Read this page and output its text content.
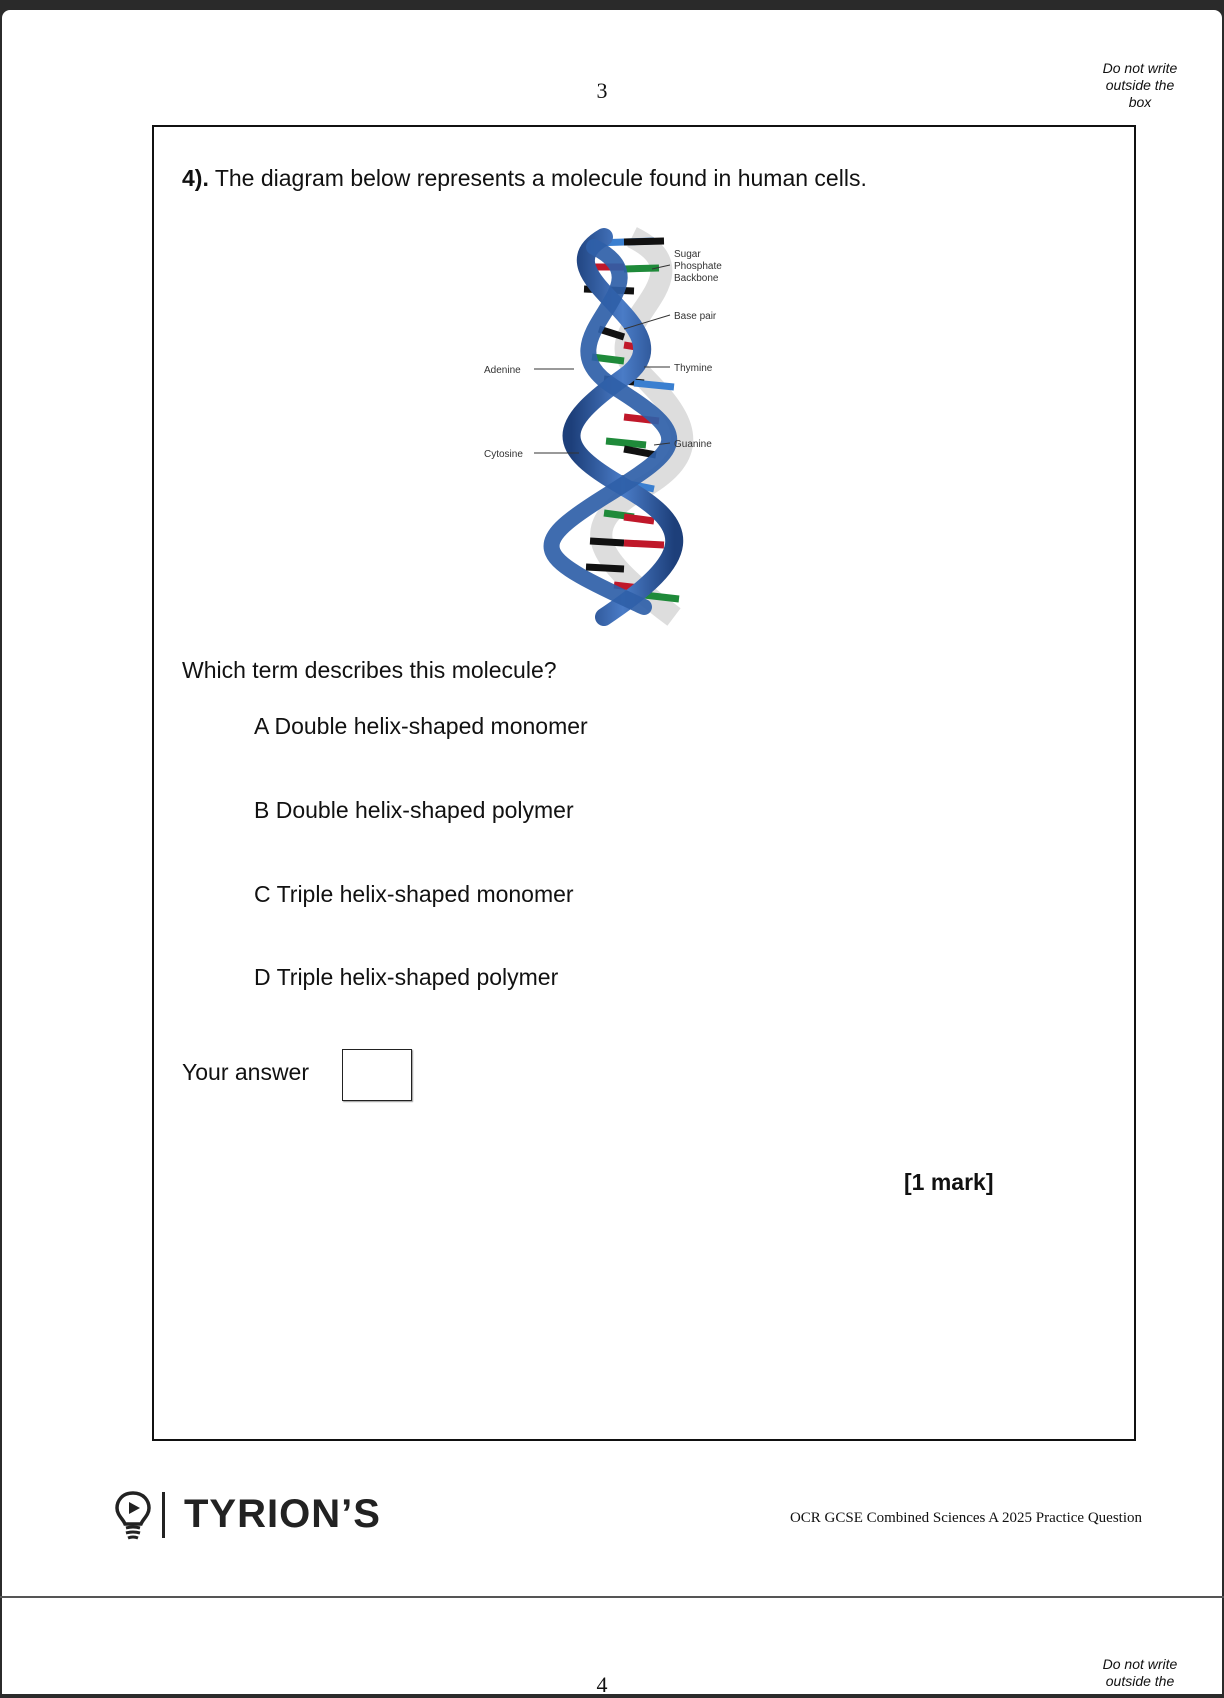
3
Do not write
outside the
box
4). The diagram below represents a molecule found in human cells.
Sugar
Phosphate
Backbone
Base pair
Thymine
Guanine
Adenine
Cytosine
Which term describes this molecule?
A Double helix-shaped monomer
B Double helix-shaped polymer
C Triple helix-shaped monomer
D Triple helix-shaped polymer
Your answer
[1 mark]
TYRION’S	OCR GCSE Combined Sciences A 2025 Practice Question
4
Do not write
outside the
